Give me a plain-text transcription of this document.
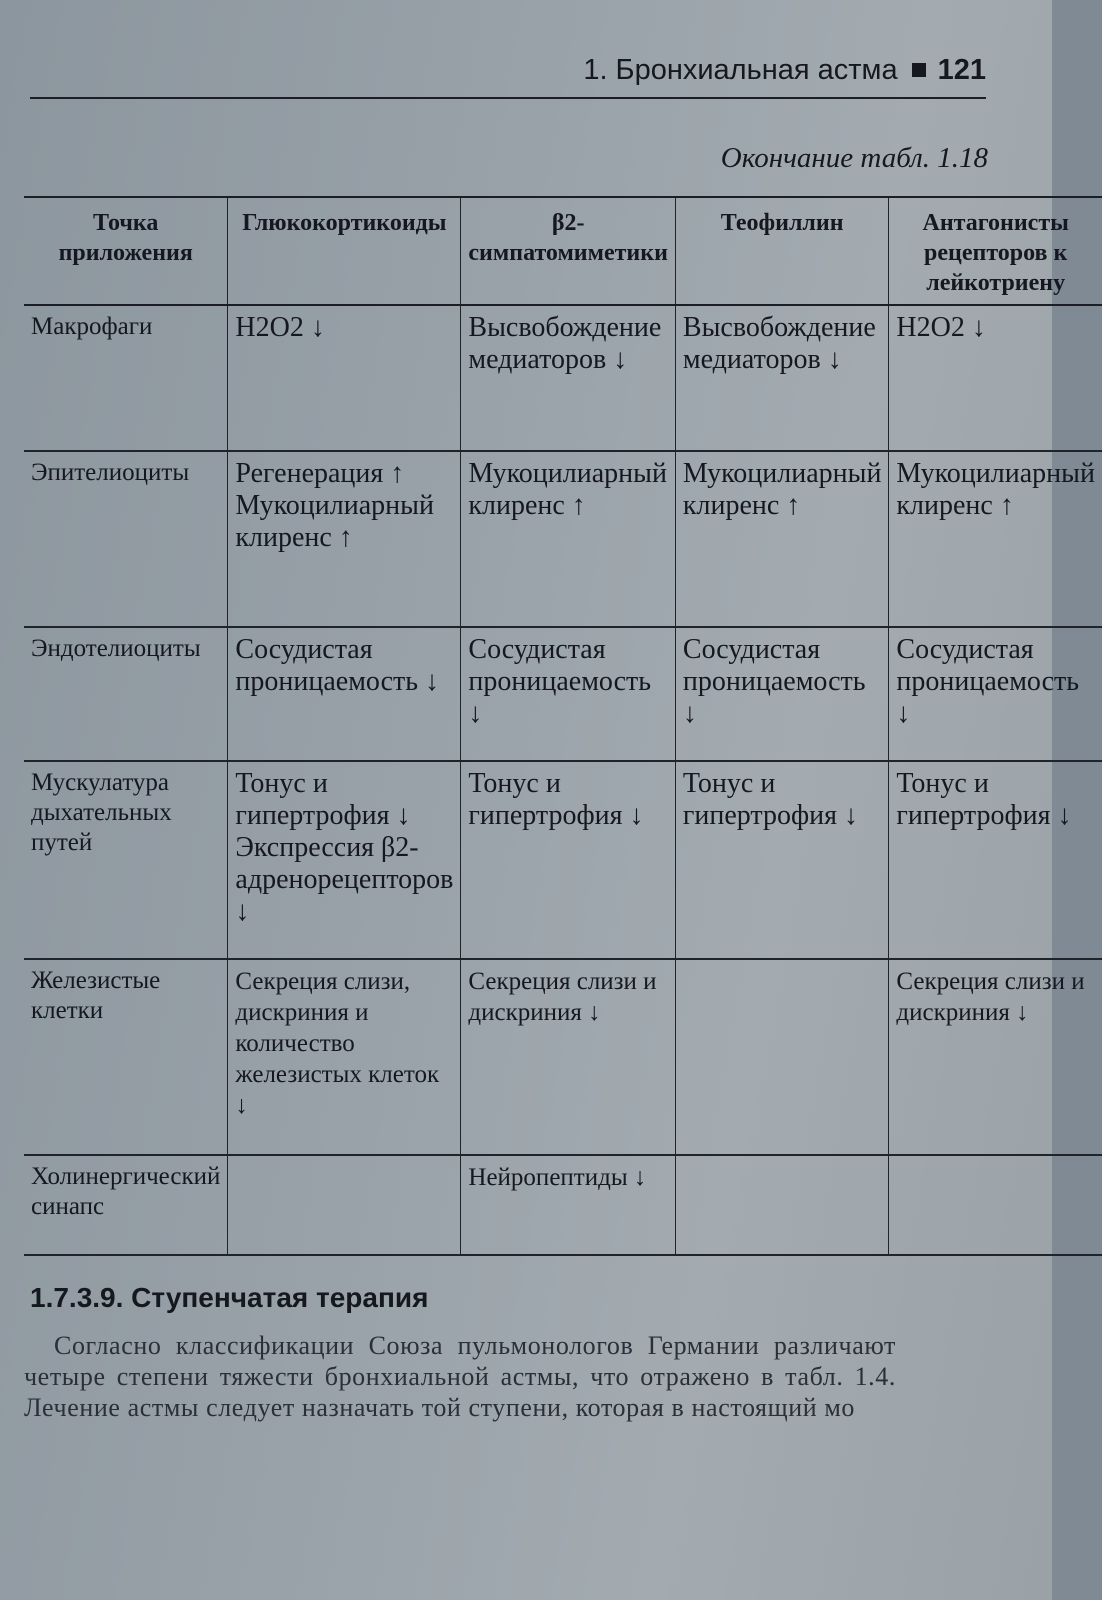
1. Бронхиальная астма 121
Окончание табл. 1.18
Точка приложения	Глюкокортикоиды	β2-симпатомиметики	Теофиллин	Антагонисты рецепторов к лейкотриену
Макрофаги	H2O2 ↓	Высвобождение медиаторов ↓	Высвобождение медиаторов ↓	H2O2 ↓
Эпителиоциты	Регенерация ↑ Мукоцилиарный клиренс ↑	Мукоцилиарный клиренс ↑	Мукоцилиарный клиренс ↑	Мукоцилиарный клиренс ↑
Эндотелиоциты	Сосудистая проницаемость ↓	Сосудистая проницаемость ↓	Сосудистая проницаемость ↓	Сосудистая проницаемость ↓
Мускулатура дыхательных путей	Тонус и гипертрофия ↓ Экспрессия β2-адренорецепторов ↓	Тонус и гипертрофия ↓	Тонус и гипертрофия ↓	Тонус и гипертрофия ↓
Железистые клетки	Секреция слизи, дискриния и количество железистых клеток ↓	Секреция слизи и дискриния ↓		Секреция слизи и дискриния ↓
Холинергический синапс		Нейропептиды ↓		
1.7.3.9. Ступенчатая терапия
Согласно классификации Союза пульмонологов Германии различают четыре степени тяжести бронхиальной астмы, что отражено в табл. 1.4. Лечение астмы следует назначать той ступени, которая в настоящий мо
